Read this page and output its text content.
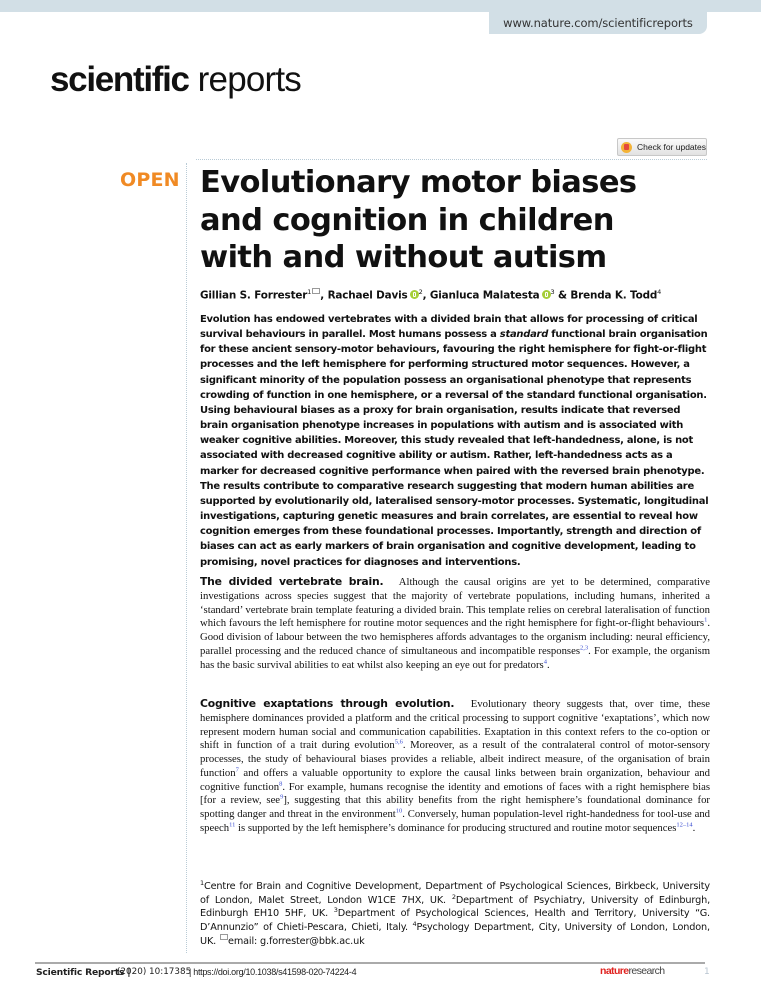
www.nature.com/scientificreports
scientific reports
Check for updates
OPEN Evolutionary motor biases and cognition in children with and without autism
Gillian S. Forrester$^1$ , Rachael Davis $^2$, Gianluca Malatesta $^3$ & Brenda K. Todd$^4$

Evolution has endowed vertebrates with a divided brain that allows for processing of critical survival behaviours in parallel. Most humans possess a standard functional brain organisation for these ancient sensory-motor behaviours, favouring the right hemisphere for fight-or-flight processes and the left hemisphere for performing structured motor sequences. However, a significant minority of the population possess an organisational phenotype that represents crowding of function in one hemisphere, or a reversal of the standard functional organisation. Using behavioural biases as a proxy for brain organisation, results indicate that reversed brain organisation phenotype increases in populations with autism and is associated with weaker cognitive abilities. Moreover, this study revealed that left-handedness, alone, is not associated with decreased cognitive ability or autism. Rather, left-handedness acts as a marker for decreased cognitive performance when paired with the reversed brain phenotype. The results contribute to comparative research suggesting that modern human abilities are supported by evolutionarily old, lateralised sensory-motor processes. Systematic, longitudinal investigations, capturing genetic measures and brain correlates, are essential to reveal how cognition emerges from these foundational processes. Importantly, strength and direction of biases can act as early markers of brain organisation and cognitive development, leading to promising, novel practices for diagnoses and interventions.

The divided vertebrate brain. Although the causal origins are yet to be determined, comparative investigations across species suggest that the majority of vertebrate populations, including humans, inherited a ‘standard’ vertebrate brain template featuring a divided brain. This template relies on cerebral lateralisation of function which favours the left hemisphere for routine motor sequences and the right hemisphere for fight-or-flight behaviours$^1$. Good division of labour between the two hemispheres affords advantages to the organism including: neural efficiency, parallel processing and the reduced chance of simultaneous and incompatible responses$^{2,3}$. For example, the organism has the basic survival abilities to eat whilst also keeping an eye out for predators$^4$.

Cognitive exaptations through evolution. Evolutionary theory suggests that, over time, these hemisphere dominances provided a platform and the critical processing to support cognitive ‘exaptations’, which now represent modern human social and communication capabilities. Exaptation in this context refers to the co-option or shift in function of a trait during evolution$^{5,6}$. Moreover, as a result of the contralateral control of motor-sensory processes, the study of behavioural biases provides a reliable, albeit indirect measure, of the organisation of brain function$^7$ and offers a valuable opportunity to explore the causal links between brain organization, behaviour and cognitive function$^8$. For example, humans recognise the identity and emotions of faces with a right hemisphere bias [for a review, see$^9$], suggesting that this ability benefits from the right hemisphere’s foundational dominance for spotting danger and threat in the environment$^{10}$. Conversely, human population-level right-handedness for tool-use and speech$^{11}$ is supported by the left hemisphere’s dominance for producing structured and routine motor sequences$^{12-14}$.

$^1$Centre for Brain and Cognitive Development, Department of Psychological Sciences, Birkbeck, University of London, Malet Street, London W1CE 7HX, UK. $^2$Department of Psychiatry, University of Edinburgh, Edinburgh EH10 5HF, UK. $^3$Department of Psychological Sciences, Health and Territory, University “G. D’Annunzio” of Chieti-Pescara, Chieti, Italy. $^4$Psychology Department, City, University of London, London, UK. email: g.forrester@bbk.ac.uk

Scientific Reports |
(2020) 10:17385
| https://doi.org/10.1038/s41598-020-74224-4	natureresearch	1
